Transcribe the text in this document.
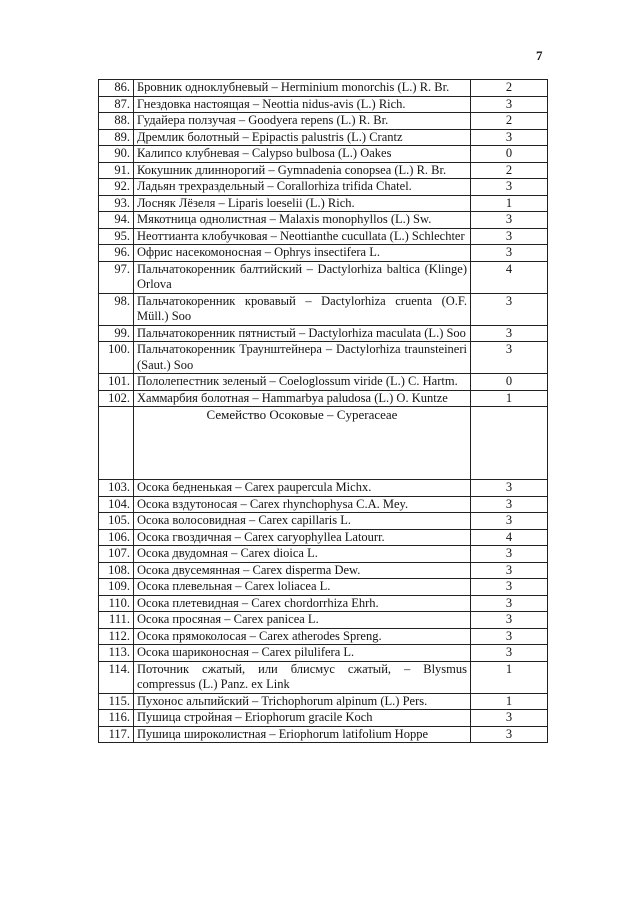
7
86.	Бровник одноклубневый – Herminium monorchis (L.) R. Br.	2
87.	Гнездовка настоящая – Neottia nidus-avis (L.) Rich.	3
88.	Гудайера ползучая – Goodyera repens (L.) R. Br.	2
89.	Дремлик болотный – Epipactis palustris (L.) Crantz	3
90.	Калипсо клубневая – Calypso bulbosa (L.) Oakes	0
91.	Кокушник длиннорогий – Gymnadenia conopsea (L.) R. Br.	2
92.	Ладьян трехраздельный – Corallorhiza trifida Chatel.	3
93.	Лосняк Лёзеля – Liparis loeselii (L.) Rich.	1
94.	Мякотница однолистная – Malaxis monophyllos (L.) Sw.	3
95.	Неоттианта клобучковая – Neottianthe cucullata (L.) Schlechter	3
96.	Офрис насекомоносная – Ophrys insectifera L.	3
97.	Пальчатокоренник балтийский – Dactylorhiza baltica (Klinge) Orlova	4
98.	Пальчатокоренник кровавый – Dactylorhiza cruenta (O.F. Müll.) Soo	3
99.	Пальчатокоренник пятнистый – Dactylorhiza maculata (L.) Soo	3
100.	Пальчатокоренник Траунштейнера – Dactylorhiza traunsteineri (Saut.) Soo	3
101.	Пололепестник зеленый – Coeloglossum viride (L.) C. Hartm.	0
102.	Хаммарбия болотная – Hammarbya paludosa (L.) O. Kuntze	1
	Семейство Осоковые – Cyperaceae	
103.	Осока бедненькая – Carex paupercula Michx.	3
104.	Осока вздутоносая – Carex rhynchophysa C.A. Mey.	3
105.	Осока волосовидная – Carex capillaris L.	3
106.	Осока гвоздичная – Carex caryophyllea Latourr.	4
107.	Осока двудомная – Carex dioica L.	3
108.	Осока двусемянная – Carex disperma Dew.	3
109.	Осока плевельная – Carex loliacea L.	3
110.	Осока плетевидная – Carex chordorrhiza Ehrh.	3
111.	Осока просяная – Carex panicea L.	3
112.	Осока прямоколосая – Carex atherodes Spreng.	3
113.	Осока шариконосная – Carex pilulifera L.	3
114.	Поточник сжатый, или блисмус сжатый, – Blysmus compressus (L.) Panz. ex Link	1
115.	Пухонос альпийский – Trichophorum alpinum (L.) Pers.	1
116.	Пушица стройная – Eriophorum gracile Koch	3
117.	Пушица широколистная – Eriophorum latifolium Hoppe	3
